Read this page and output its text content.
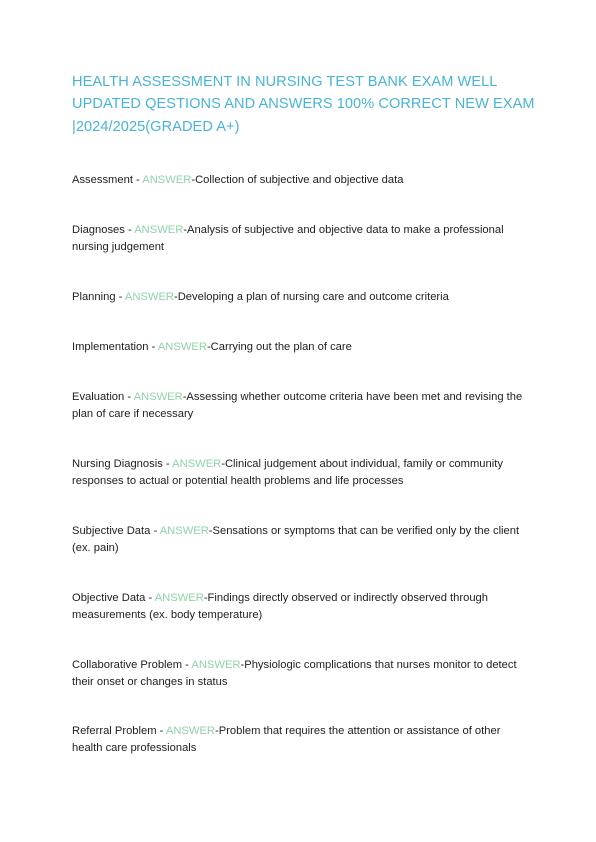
HEALTH ASSESSMENT IN NURSING TEST BANK EXAM WELL UPDATED QESTIONS AND ANSWERS 100% CORRECT NEW EXAM |2024/2025(GRADED A+)

Assessment - ANSWER-Collection of subjective and objective data

Diagnoses - ANSWER-Analysis of subjective and objective data to make a professional nursing judgement

Planning - ANSWER-Developing a plan of nursing care and outcome criteria

Implementation - ANSWER-Carrying out the plan of care

Evaluation - ANSWER-Assessing whether outcome criteria have been met and revising the plan of care if necessary

Nursing Diagnosis - ANSWER-Clinical judgement about individual, family or community responses to actual or potential health problems and life processes

Subjective Data - ANSWER-Sensations or symptoms that can be verified only by the client (ex. pain)

Objective Data - ANSWER-Findings directly observed or indirectly observed through measurements (ex. body temperature)

Collaborative Problem - ANSWER-Physiologic complications that nurses monitor to detect their onset or changes in status

Referral Problem - ANSWER-Problem that requires the attention or assistance of other health care professionals
